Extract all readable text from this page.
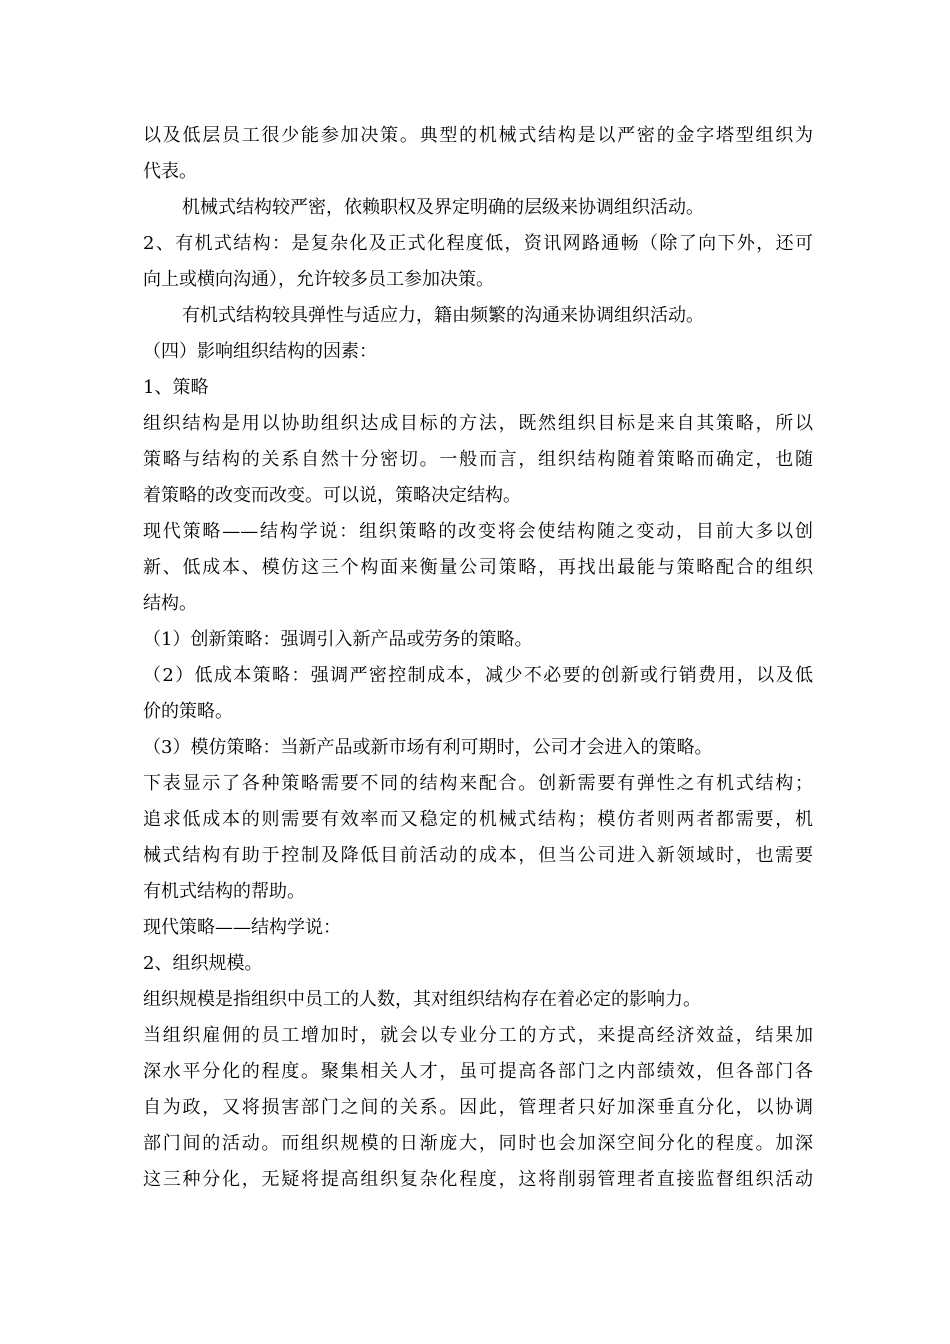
以及低层员工很少能参加决策。典型的机械式结构是以严密的金字塔型组织为
代表。
机械式结构较严密，依赖职权及界定明确的层级来协调组织活动。
2、有机式结构：是复杂化及正式化程度低，资讯网路通畅（除了向下外，还可
向上或横向沟通），允许较多员工参加决策。
有机式结构较具弹性与适应力，籍由频繁的沟通来协调组织活动。
（四）影响组织结构的因素：
1、策略
组织结构是用以协助组织达成目标的方法，既然组织目标是来自其策略，所以
策略与结构的关系自然十分密切。一般而言，组织结构随着策略而确定，也随
着策略的改变而改变。可以说，策略决定结构。
现代策略——结构学说：组织策略的改变将会使结构随之变动，目前大多以创
新、低成本、模仿这三个构面来衡量公司策略，再找出最能与策略配合的组织
结构。
（1）创新策略：强调引入新产品或劳务的策略。
（2）低成本策略：强调严密控制成本，减少不必要的创新或行销费用，以及低
价的策略。
（3）模仿策略：当新产品或新市场有利可期时，公司才会进入的策略。
下表显示了各种策略需要不同的结构来配合。创新需要有弹性之有机式结构；
追求低成本的则需要有效率而又稳定的机械式结构；模仿者则两者都需要，机
械式结构有助于控制及降低目前活动的成本，但当公司进入新领域时，也需要
有机式结构的帮助。
现代策略——结构学说：
2、组织规模。
组织规模是指组织中员工的人数，其对组织结构存在着必定的影响力。
当组织雇佣的员工增加时，就会以专业分工的方式，来提高经济效益，结果加
深水平分化的程度。聚集相关人才，虽可提高各部门之内部绩效，但各部门各
自为政，又将损害部门之间的关系。因此，管理者只好加深垂直分化，以协调
部门间的活动。而组织规模的日渐庞大，同时也会加深空间分化的程度。加深
这三种分化，无疑将提高组织复杂化程度，这将削弱管理者直接监督组织活动
